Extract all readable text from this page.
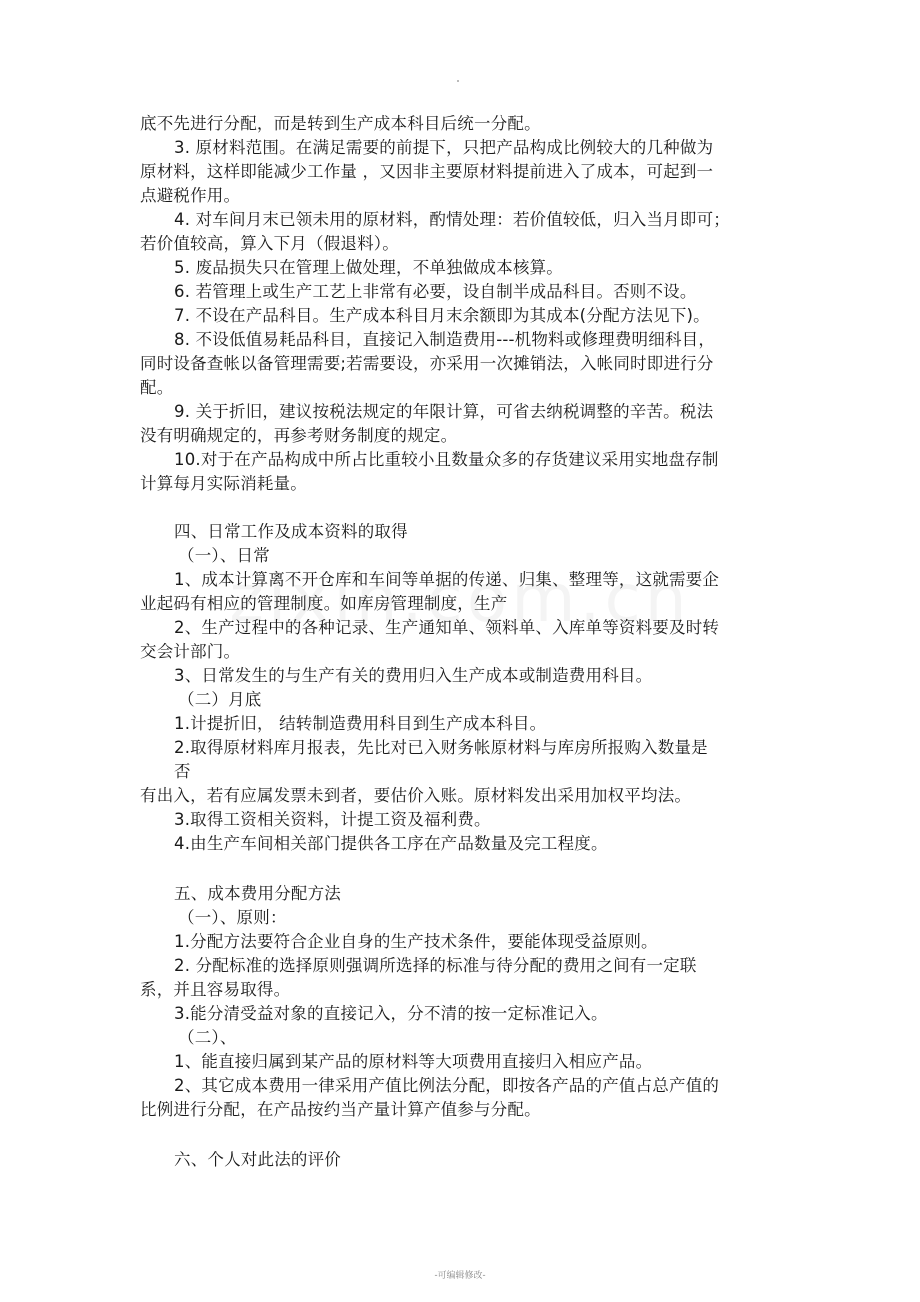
底不先进行分配，而是转到生产成本科目后统一分配。
3. 原材料范围。在满足需要的前提下，只把产品构成比例较大的几种做为
原材料，这样即能减少工作量 ，又因非主要原材料提前进入了成本，可起到一
点避税作用。
4. 对车间月末已领未用的原材料，酌情处理：若价值较低，归入当月即可；
若价值较高，算入下月（假退料）。
5. 废品损失只在管理上做处理，不单独做成本核算。
6. 若管理上或生产工艺上非常有必要，设自制半成品科目。否则不设。
7. 不设在产品科目。生产成本科目月末余额即为其成本(分配方法见下)。
8. 不设低值易耗品科目，直接记入制造费用---机物料或修理费明细科目，
同时设备查帐以备管理需要;若需要设，亦采用一次摊销法，入帐同时即进行分
配。
9. 关于折旧，建议按税法规定的年限计算，可省去纳税调整的辛苦。税法
没有明确规定的，再参考财务制度的规定。
10.对于在产品构成中所占比重较小且数量众多的存货建议采用实地盘存制
计算每月实际消耗量。
四、日常工作及成本资料的取得
（一）、日常
1、成本计算离不开仓库和车间等单据的传递、归集、整理等，这就需要企
业起码有相应的管理制度。如库房管理制度，生产
2、生产过程中的各种记录、生产通知单、领料单、入库单等资料要及时转
交会计部门。
3、日常发生的与生产有关的费用归入生产成本或制造费用科目。
（二）月底
1.计提折旧， 结转制造费用科目到生产成本科目。
2.取得原材料库月报表，先比对已入财务帐原材料与库房所报购入数量是
否
有出入，若有应属发票未到者，要估价入账。原材料发出采用加权平均法。
3.取得工资相关资料，计提工资及福利费。
4.由生产车间相关部门提供各工序在产品数量及完工程度。
五、成本费用分配方法
（一）、原则：
1.分配方法要符合企业自身的生产技术条件，要能体现受益原则。
2. 分配标准的选择原则强调所选择的标准与待分配的费用之间有一定联
系，并且容易取得。
3.能分清受益对象的直接记入，分不清的按一定标准记入。
（二）、
1、能直接归属到某产品的原材料等大项费用直接归入相应产品。
2、其它成本费用一律采用产值比例法分配，即按各产品的产值占总产值的
比例进行分配，在产品按约当产量计算产值参与分配。
六、个人对此法的评价
-可编辑修改-
